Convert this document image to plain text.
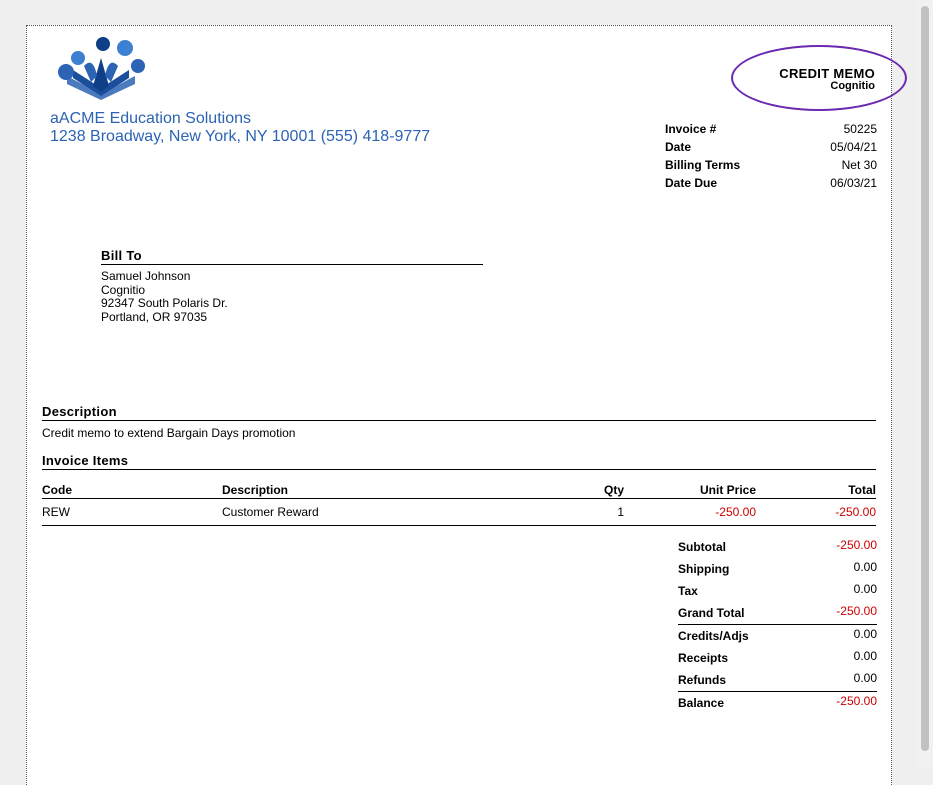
aACME Education Solutions
1238 Broadway, New York, NY 10001 (555) 418-9777
CREDIT MEMO
Cognitio
Invoice #	50225
Date	05/04/21
Billing Terms	Net 30
Date Due	06/03/21
Bill To
Samuel Johnson
Cognitio
92347 South Polaris Dr.
Portland, OR 97035
Description
Credit memo to extend Bargain Days promotion
Invoice Items
Code	Description	Qty	Unit Price	Total
REW	Customer Reward	1	-250.00	-250.00
Subtotal	-250.00
Shipping	0.00
Tax	0.00
Grand Total	-250.00
Credits/Adjs	0.00
Receipts	0.00
Refunds	0.00
Balance	-250.00
